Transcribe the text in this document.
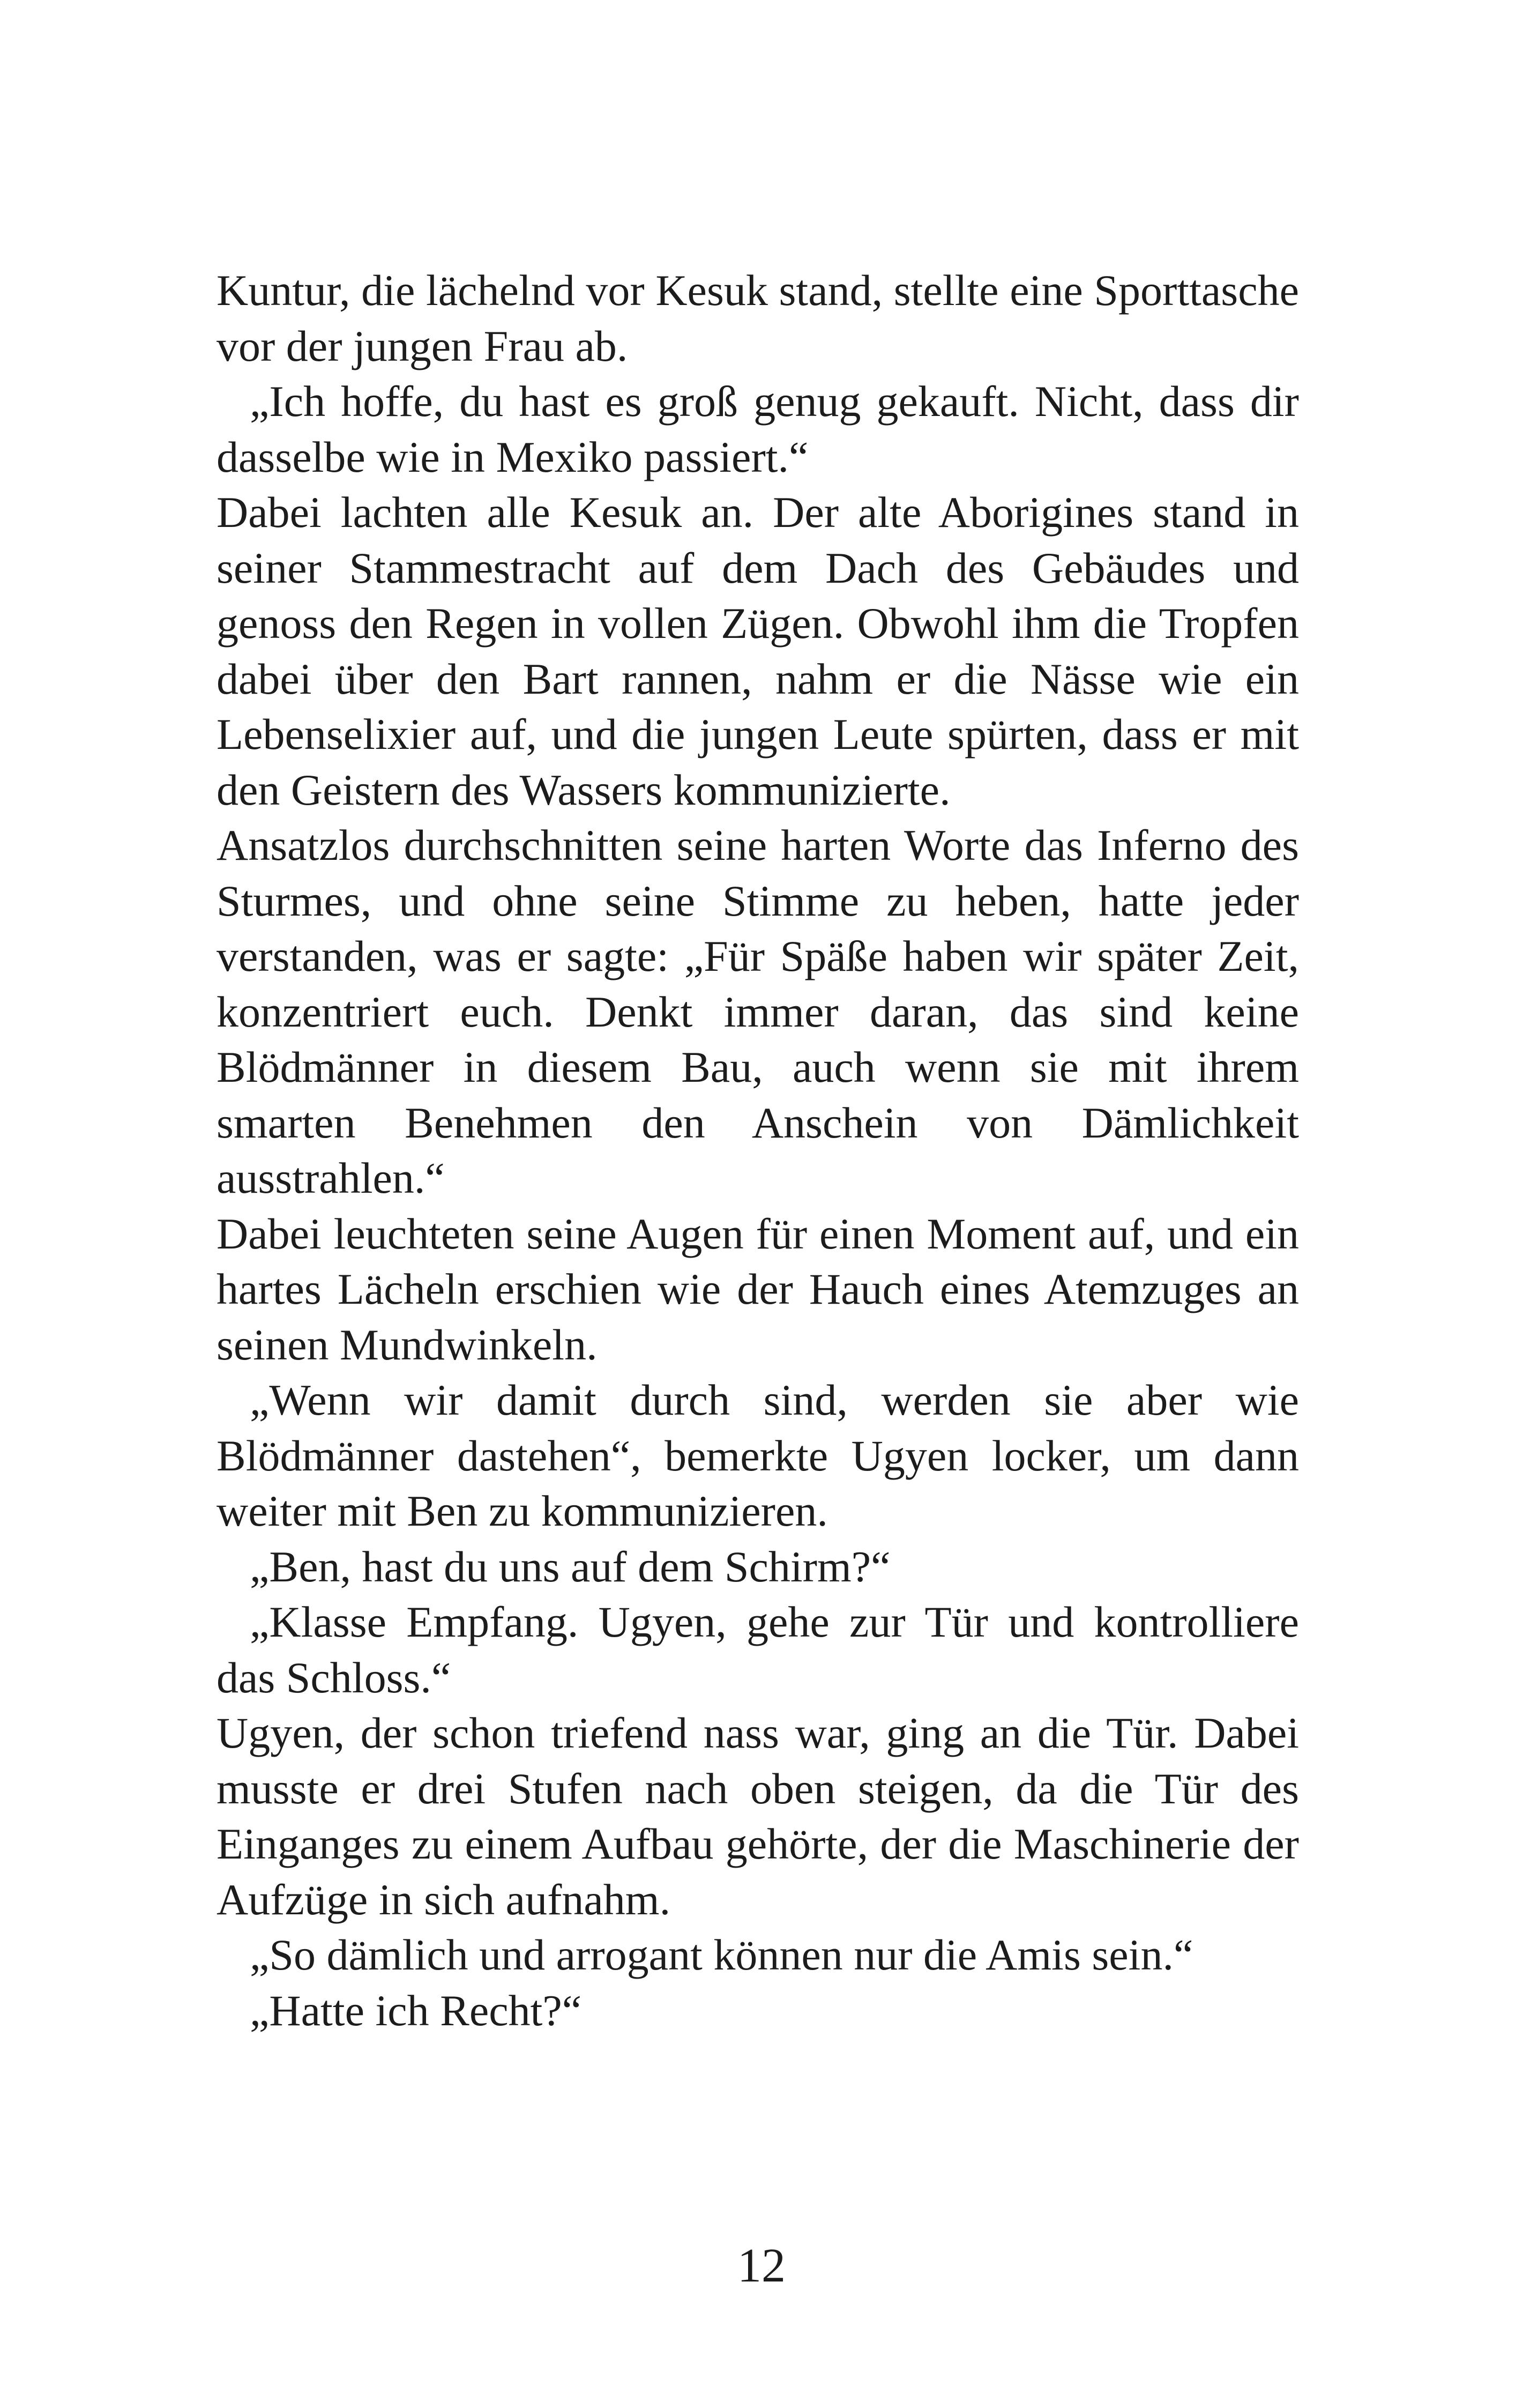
Kuntur, die lächelnd vor Kesuk stand, stellte eine Sporttasche vor der jungen Frau ab.

„Ich hoffe, du hast es groß genug gekauft. Nicht, dass dir dasselbe wie in Mexiko passiert.“

Dabei lachten alle Kesuk an. Der alte Aborigines stand in seiner Stammestracht auf dem Dach des Gebäudes und genoss den Regen in vollen Zügen. Obwohl ihm die Tropfen dabei über den Bart rannen, nahm er die Nässe wie ein Lebenselixier auf, und die jungen Leute spürten, dass er mit den Geistern des Wassers kommunizierte.

Ansatzlos durchschnitten seine harten Worte das Inferno des Sturmes, und ohne seine Stimme zu heben, hatte jeder verstanden, was er sagte: „Für Späße haben wir später Zeit, konzentriert euch. Denkt immer daran, das sind keine Blödmänner in diesem Bau, auch wenn sie mit ihrem smarten Benehmen den Anschein von Dämlichkeit ausstrahlen.“

Dabei leuchteten seine Augen für einen Moment auf, und ein hartes Lächeln erschien wie der Hauch eines Atemzuges an seinen Mundwinkeln.

„Wenn wir damit durch sind, werden sie aber wie Blödmänner dastehen“, bemerkte Ugyen locker, um dann weiter mit Ben zu kommunizieren.

„Ben, hast du uns auf dem Schirm?“

„Klasse Empfang. Ugyen, gehe zur Tür und kontrolliere das Schloss.“

Ugyen, der schon triefend nass war, ging an die Tür. Dabei musste er drei Stufen nach oben steigen, da die Tür des Einganges zu einem Aufbau gehörte, der die Maschinerie der Aufzüge in sich aufnahm.

„So dämlich und arrogant können nur die Amis sein.“

„Hatte ich Recht?“

12
